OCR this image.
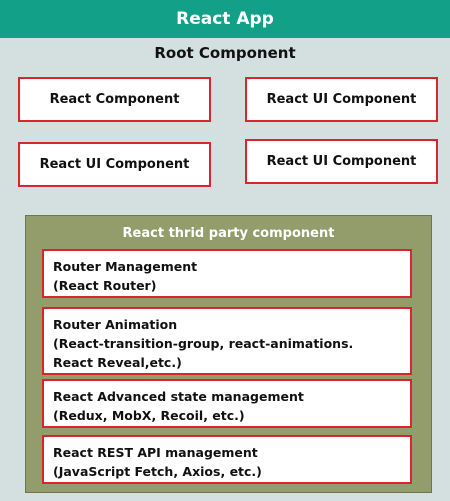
React App
Root Component
React Component	React UI Component
React UI Component	React UI Component
React thrid party component
Router Management
(React Router)
Router Animation
(React-transition-group, react-animations.
React Reveal,etc.)
React Advanced state management
(Redux, MobX, Recoil, etc.)
React REST API management
(JavaScript Fetch, Axios, etc.)
